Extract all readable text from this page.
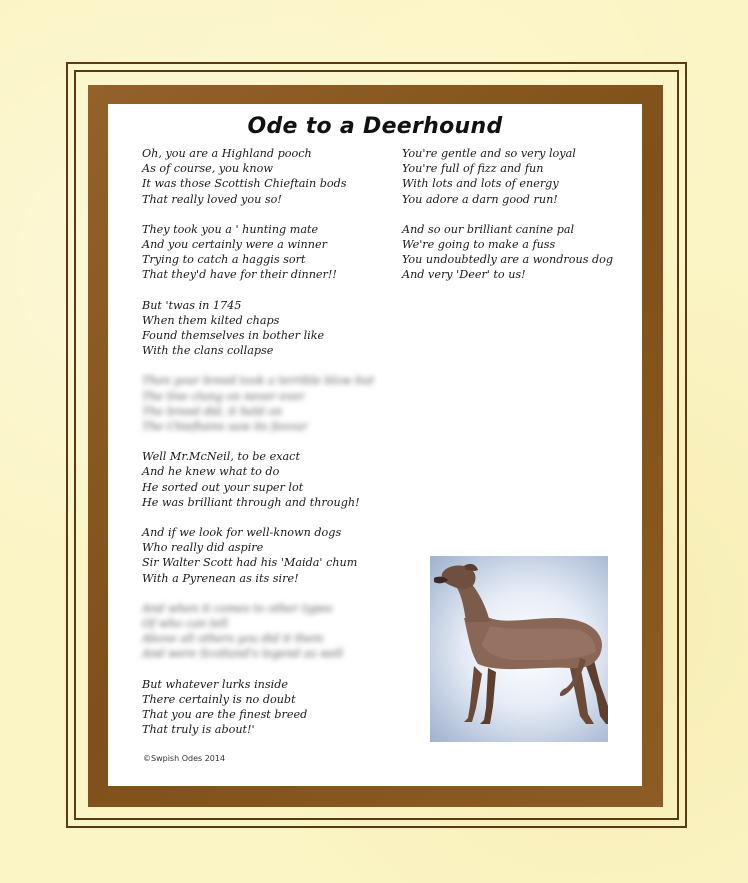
Ode to a Deerhound
Oh, you are a Highland pooch
As of course, you know
It was those Scottish Chieftain bods
That really loved you so!
They took you a ' hunting mate
And you certainly were a winner
Trying to catch a haggis sort
That they'd have for their dinner!!
But 'twas in 1745
When them kilted chaps
Found themselves in bother like
With the clans collapse
Then your breed took a terrible blow but
The line clung on never ever
The breed did, it held on
The Chieftains saw its favour
Well Mr.McNeil, to be exact
And he knew what to do
He sorted out your super lot
He was brilliant through and through!
And if we look for well-known dogs
Who really did aspire
Sir Walter Scott had his 'Maida' chum
With a Pyrenean as its sire!
And when it comes to other types
Of who can tell
Above all others you did it them
And were Scotland's legend as well
But whatever lurks inside
There certainly is no doubt
That you are the finest breed
That truly is about!'
You're gentle and so very loyal
You're full of fizz and fun
With lots and lots of energy
You adore a darn good run!
And so our brilliant canine pal
We're going to make a fuss
You undoubtedly are a wondrous dog
And very 'Deer' to us!
©Swpish Odes 2014
